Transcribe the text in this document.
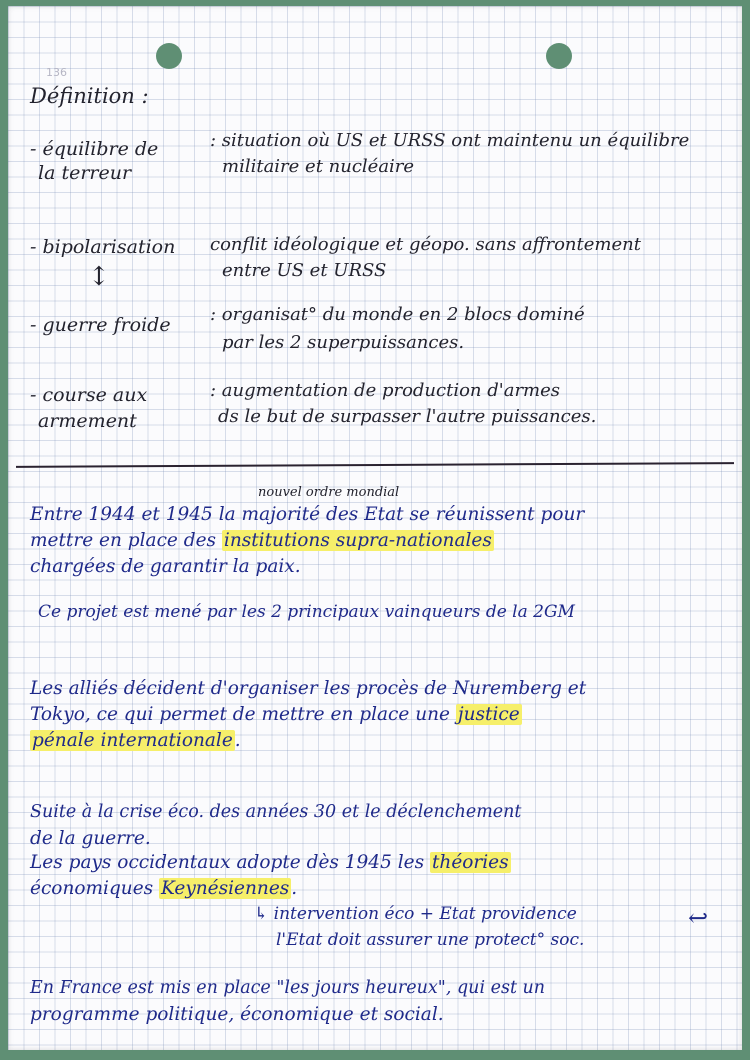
136
Définition :
- équilibre de
la terreur
: situation où US et URSS ont maintenu un équilibre
militaire et nucléaire
- bipolarisation conflit idéologique et géopo. sans affrontement
entre US et URSS
↕
- guerre froide : organisat° du monde en 2 blocs dominé
par les 2 superpuissances.
- course aux
armement
: augmentation de production d'armes
ds le but de surpasser l'autre puissances.
nouvel ordre mondial
Entre 1944 et 1945 la majorité des Etat se réunissent pour
mettre en place des institutions supra-nationales
chargées de garantir la paix.
Ce projet est mené par les 2 principaux vainqueurs de la 2GM
Les alliés décident d'organiser les procès de Nuremberg et
Tokyo, ce qui permet de mettre en place une justice
pénale internationale .
Suite à la crise éco. des années 30 et le déclenchement
de la guerre.
Les pays occidentaux adopte dès 1945 les théories
économiques Keynésiennes .
↳ intervention éco + Etat providence
l'Etat doit assurer une protect° soc.
↩
En France est mis en place "les jours heureux", qui est un
programme politique, économique et social.
